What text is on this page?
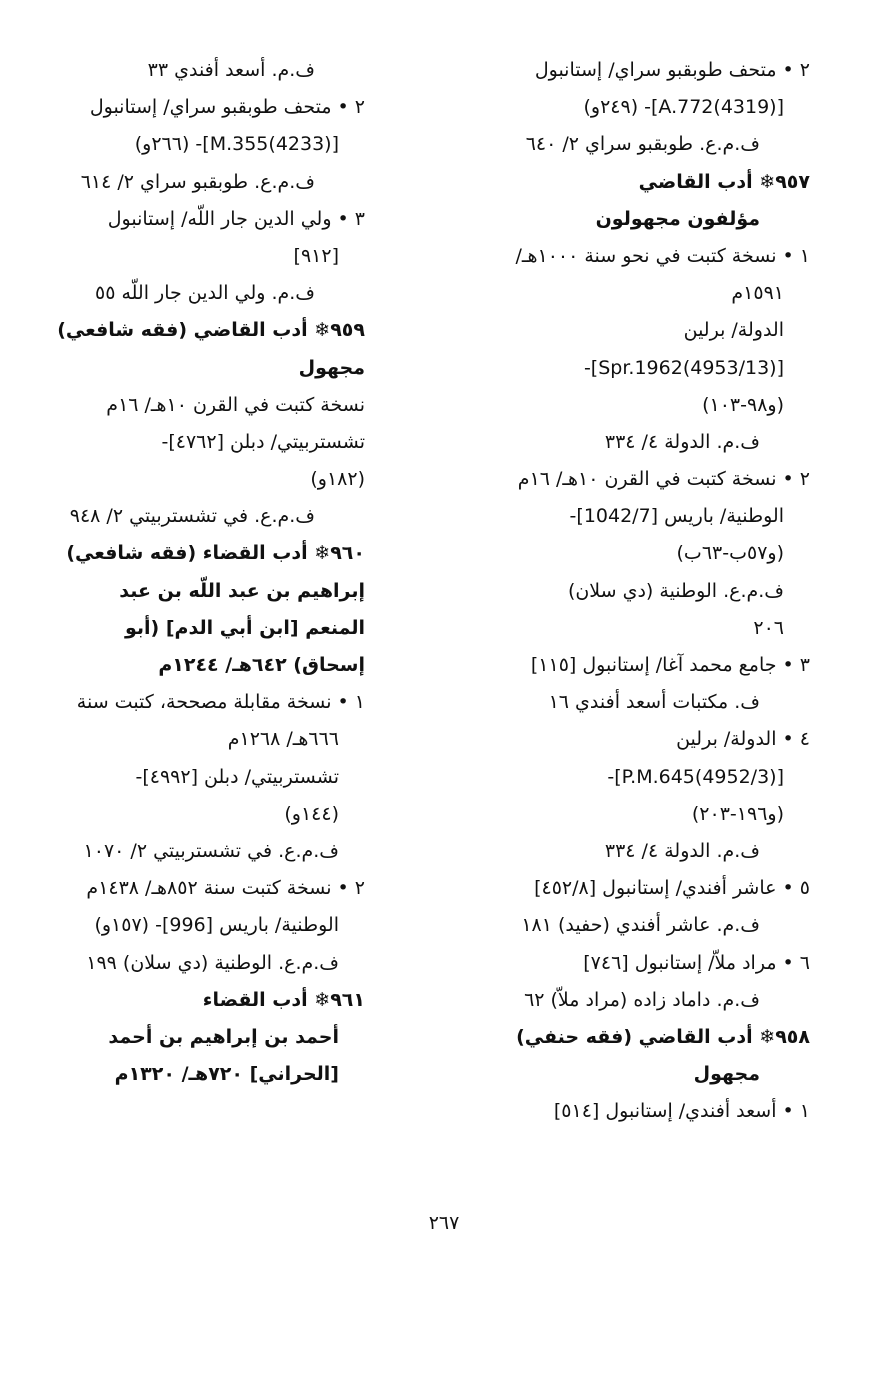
٢ • متحف طوبقبو سراي/ إستانبول
[(4319)A.772]- (٢٤٩و)
ف.م.ع. طوبقبو سراي ٢/ ٦٤٠
٩٥٧❄ أدب القاضي
مؤلفون مجهولون
١ • نسخة كتبت في نحو سنة ١٠٠٠هـ/
١٥٩١م
الدولة/ برلين
[(4953/13)Spr.1962]-
(و٩٨-١٠٣)
ف.م. الدولة ٤/ ٣٣٤
٢ • نسخة كتبت في القرن ١٠هـ/ ١٦م
الوطنية/ باريس [1042/7]-
(و٥٧ب-٦٣ب)
ف.م.ع. الوطنية (دي سلان)
٢٠٦
٣ • جامع محمد آغا/ إستانبول [١١٥]
ف. مكتبات أسعد أفندي ١٦
٤ • الدولة/ برلين
[(4952/3)P.M.645]-
(و١٩٦-٢٠٣)
ف.م. الدولة ٤/ ٣٣٤
٥ • عاشر أفندي/ إستانبول [٤٥٢/٨]
ف.م. عاشر أفندي (حفيد) ١٨١
٦ • مراد ملاّ/ إستانبول [٧٤٦]
ف.م. داماد زاده (مراد ملاّ) ٦٢
٩٥٨❄ أدب القاضي (فقه حنفي)
مجهول
١ • أسعد أفندي/ إستانبول [٥١٤]
ف.م. أسعد أفندي ٣٣
٢ • متحف طوبقبو سراي/ إستانبول
[(4233)M.355]- (٢٦٦و)
ف.م.ع. طوبقبو سراي ٢/ ٦١٤
٣ • ولي الدين جار اللّه/ إستانبول
[٩١٢]
ف.م. ولي الدين جار اللّه ٥٥
٩٥٩❄ أدب القاضي (فقه شافعي)
مجهول
نسخة كتبت في القرن ١٠هـ/ ١٦م
تشستربيتي/ دبلن [٤٧٦٢]-
(١٨٢و)
ف.م.ع. في تشستربيتي ٢/ ٩٤٨
٩٦٠❄ أدب القضاء (فقه شافعي)
إبراهيم بن عبد اللّه بن عبد
المنعم [ابن أبي الدم] (أبو
إسحاق) ٦٤٢هـ/ ١٢٤٤م
١ • نسخة مقابلة مصححة، كتبت سنة
٦٦٦هـ/ ١٢٦٨م
تشستربيتي/ دبلن [٤٩٩٢]-
(١٤٤و)
ف.م.ع. في تشستربيتي ٢/ ١٠٧٠
٢ • نسخة كتبت سنة ٨٥٢هـ/ ١٤٣٨م
الوطنية/ باريس [996]- (١٥٧و)
ف.م.ع. الوطنية (دي سلان) ١٩٩
٩٦١❄ أدب القضاء
أحمد بن إبراهيم بن أحمد
[الحراني] ٧٢٠هـ/ ١٣٢٠م
٢٦٧
